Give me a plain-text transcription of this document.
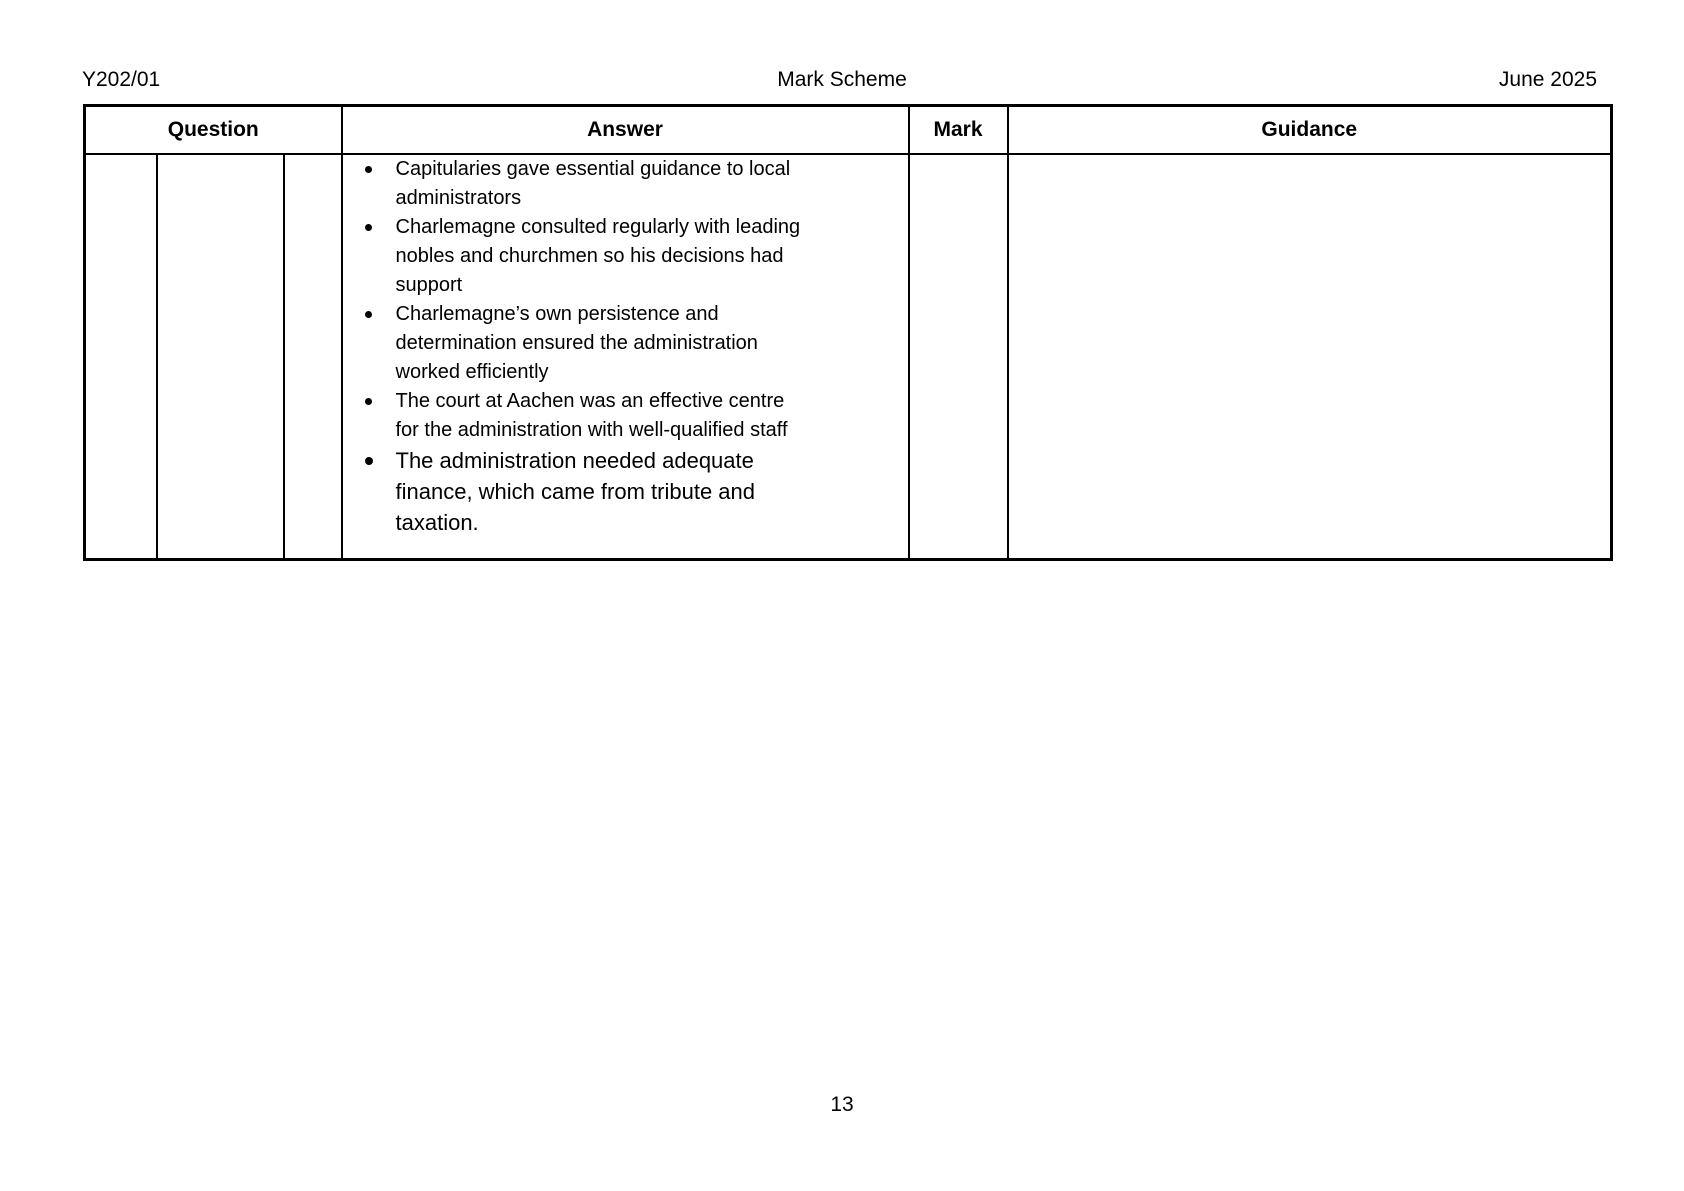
Y202/01	Mark Scheme	June 2025
Question			Answer	Mark	Guidance

Capitularies gave essential guidance to local administrators
Charlemagne consulted regularly with leading nobles and churchmen so his decisions had support
Charlemagne’s own persistence and determination ensured the administration worked efficiently
The court at Aachen was an effective centre for the administration with well-qualified staff
The administration needed adequate finance, which came from tribute and taxation.

13
